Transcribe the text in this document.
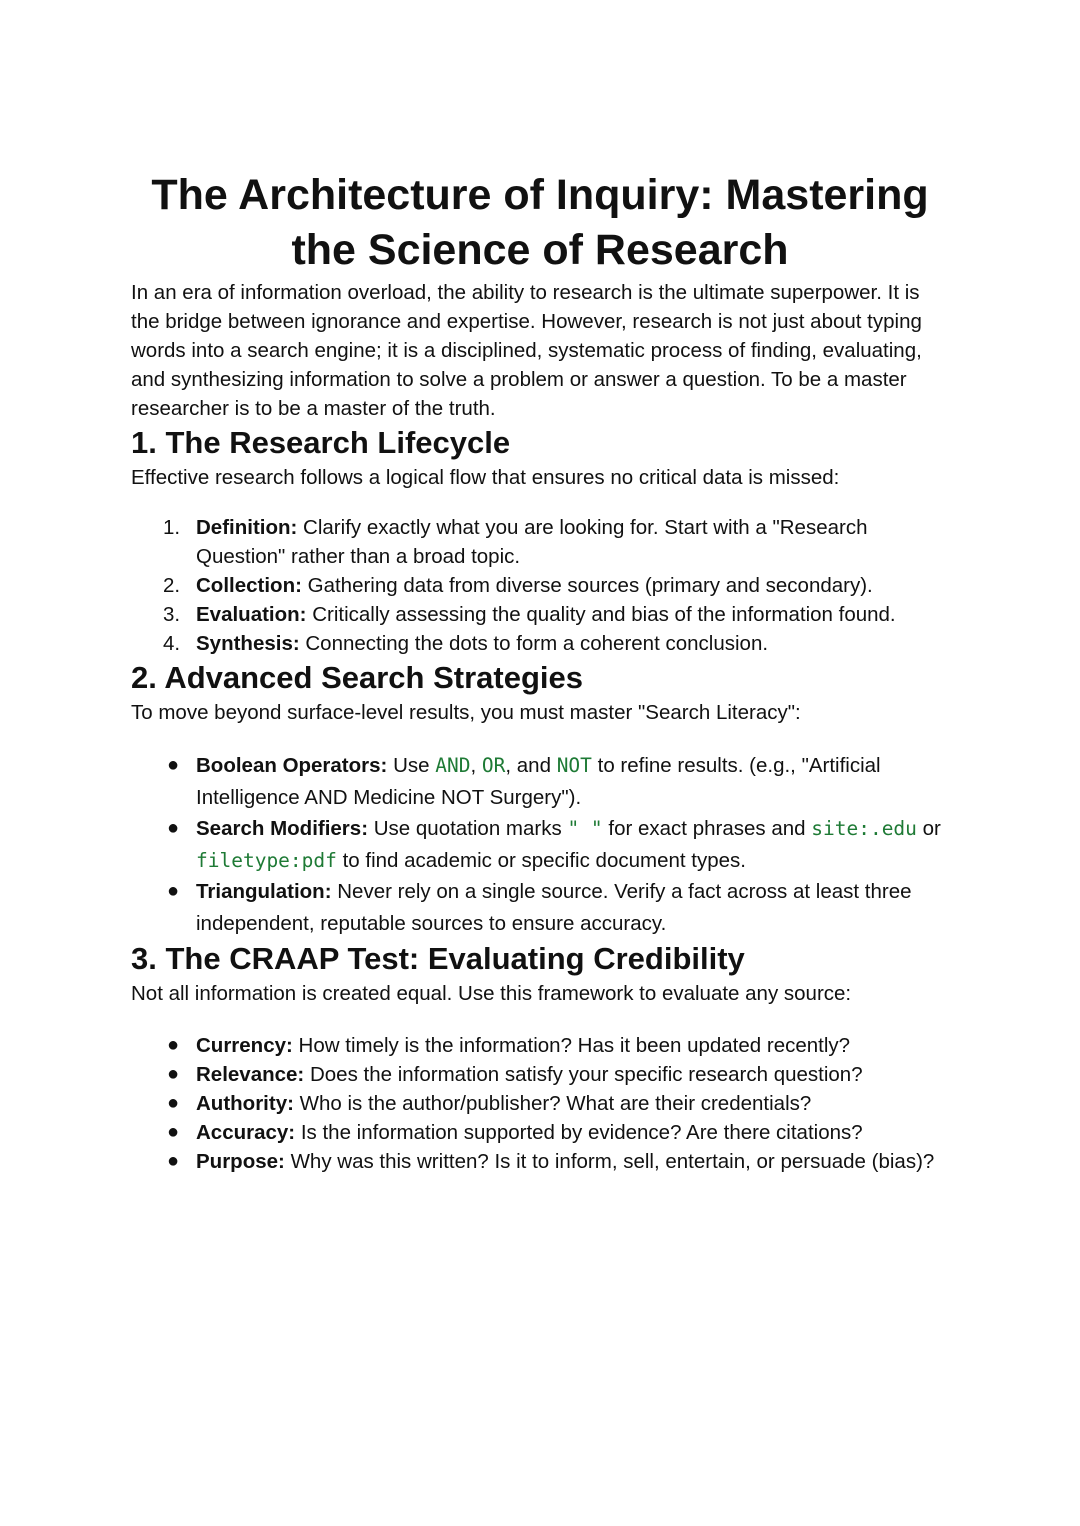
The Architecture of Inquiry: Mastering the Science of Research

In an era of information overload, the ability to research is the ultimate superpower. It is the bridge between ignorance and expertise. However, research is not just about typing words into a search engine; it is a disciplined, systematic process of finding, evaluating, and synthesizing information to solve a problem or answer a question. To be a master researcher is to be a master of the truth.

1. The Research Lifecycle

Effective research follows a logical flow that ensures no critical data is missed:

1. Definition: Clarify exactly what you are looking for. Start with a "Research Question" rather than a broad topic.
2. Collection: Gathering data from diverse sources (primary and secondary).
3. Evaluation: Critically assessing the quality and bias of the information found.
4. Synthesis: Connecting the dots to form a coherent conclusion.
2. Advanced Search Strategies

To move beyond surface-level results, you must master "Search Literacy":

● Boolean Operators: Use AND, OR, and NOT to refine results. (e.g., "Artificial Intelligence AND Medicine NOT Surgery").
● Search Modifiers: Use quotation marks " " for exact phrases and site:.edu or filetype:pdf to find academic or specific document types.
● Triangulation: Never rely on a single source. Verify a fact across at least three independent, reputable sources to ensure accuracy.
3. The CRAAP Test: Evaluating Credibility

Not all information is created equal. Use this framework to evaluate any source:

● Currency: How timely is the information? Has it been updated recently?
● Relevance: Does the information satisfy your specific research question?
● Authority: Who is the author/publisher? What are their credentials?
● Accuracy: Is the information supported by evidence? Are there citations?
● Purpose: Why was this written? Is it to inform, sell, entertain, or persuade (bias)?
